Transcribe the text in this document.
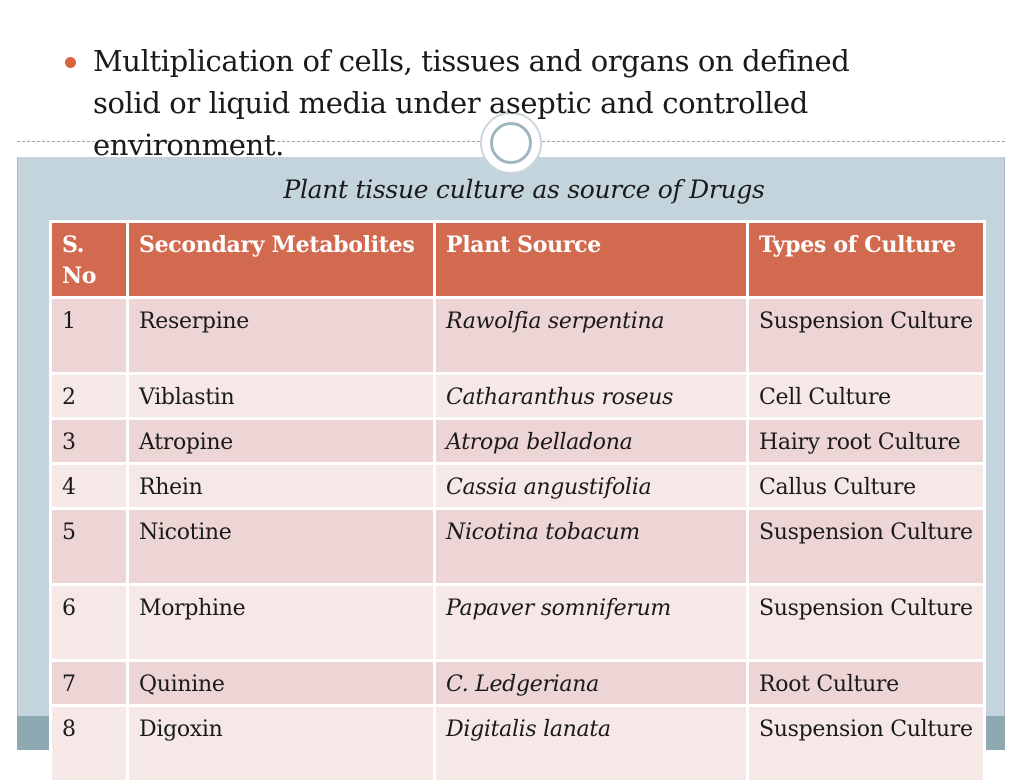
Multiplication of cells, tissues and organs on defined solid or liquid media under aseptic and controlled environment.

Plant tissue culture as source of Drugs

S. No	Secondary Metabolites	Plant Source	Types of Culture
1	Reserpine	Rawolfia serpentina	Suspension Culture
2	Viblastin	Catharanthus roseus	Cell Culture
3	Atropine	Atropa belladona	Hairy root Culture
4	Rhein	Cassia angustifolia	Callus Culture
5	Nicotine	Nicotina tobacum	Suspension Culture
6	Morphine	Papaver somniferum	Suspension Culture
7	Quinine	C. Ledgeriana	Root Culture
8	Digoxin	Digitalis lanata	Suspension Culture
